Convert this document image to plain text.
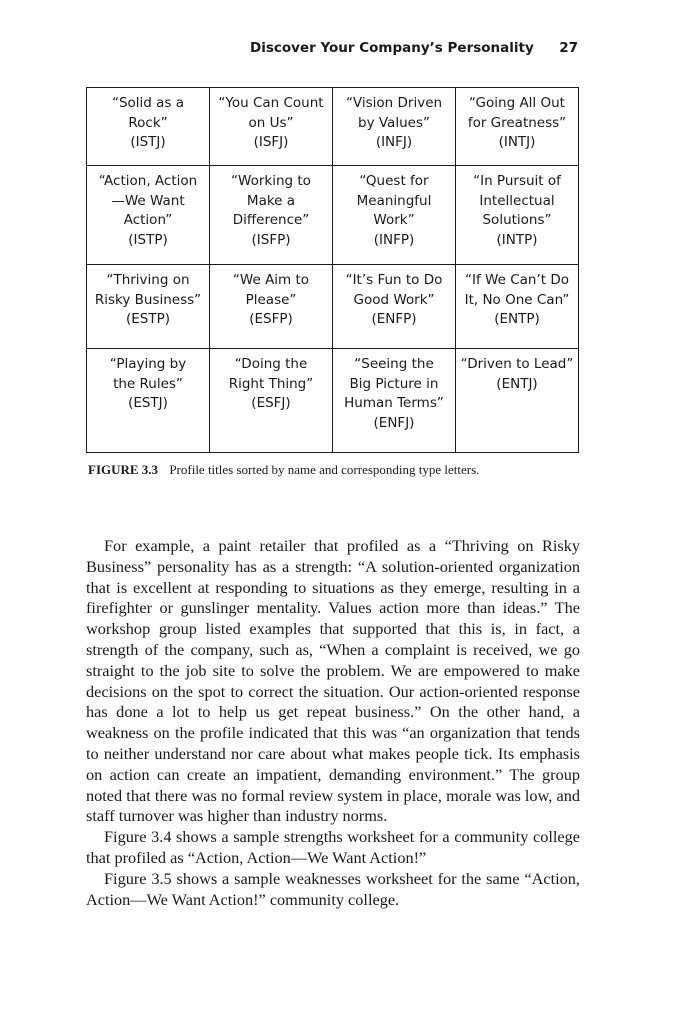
Discover Your Company’s Personality 27
“Solid as a
Rock”
(ISTJ)	“You Can Count
on Us”
(ISFJ)	“Vision Driven
by Values”
(INFJ)	“Going All Out
for Greatness”
(INTJ)

“Action, Action
—We Want
Action”
(ISTP)	“Working to
Make a
Difference”
(ISFP)	“Quest for
Meaningful
Work”
(INFP)	“In Pursuit of
Intellectual
Solutions”
(INTP)

“Thriving on
Risky Business”
(ESTP)	“We Aim to
Please”
(ESFP)	“It’s Fun to Do
Good Work”
(ENFP)	“If We Can’t Do
It, No One Can”
(ENTP)

“Playing by
the Rules”
(ESTJ)	“Doing the
Right Thing”
(ESFJ)	“Seeing the
Big Picture in
Human Terms”
(ENFJ)	“Driven to Lead”
(ENTJ)
FIGURE 3.3 Profile titles sorted by name and corresponding type letters.

For example, a paint retailer that profiled as a “Thriving on Risky Business” personality has as a strength: “A solution-oriented organization that is excellent at responding to situations as they emerge, resulting in a firefighter or gunslinger mentality. Values action more than ideas.” The workshop group listed examples that supported that this is, in fact, a strength of the company, such as, “When a complaint is received, we go straight to the job site to solve the problem. We are empowered to make decisions on the spot to correct the situation. Our action-oriented response has done a lot to help us get repeat business.” On the other hand, a weakness on the profile indicated that this was “an organization that tends to neither understand nor care about what makes people tick. Its emphasis on action can create an impatient, demanding environment.” The group noted that there was no formal review system in place, morale was low, and staff turnover was higher than industry norms.

Figure 3.4 shows a sample strengths worksheet for a community college that profiled as “Action, Action—We Want Action!”

Figure 3.5 shows a sample weaknesses worksheet for the same “Action, Action—We Want Action!” community college.
